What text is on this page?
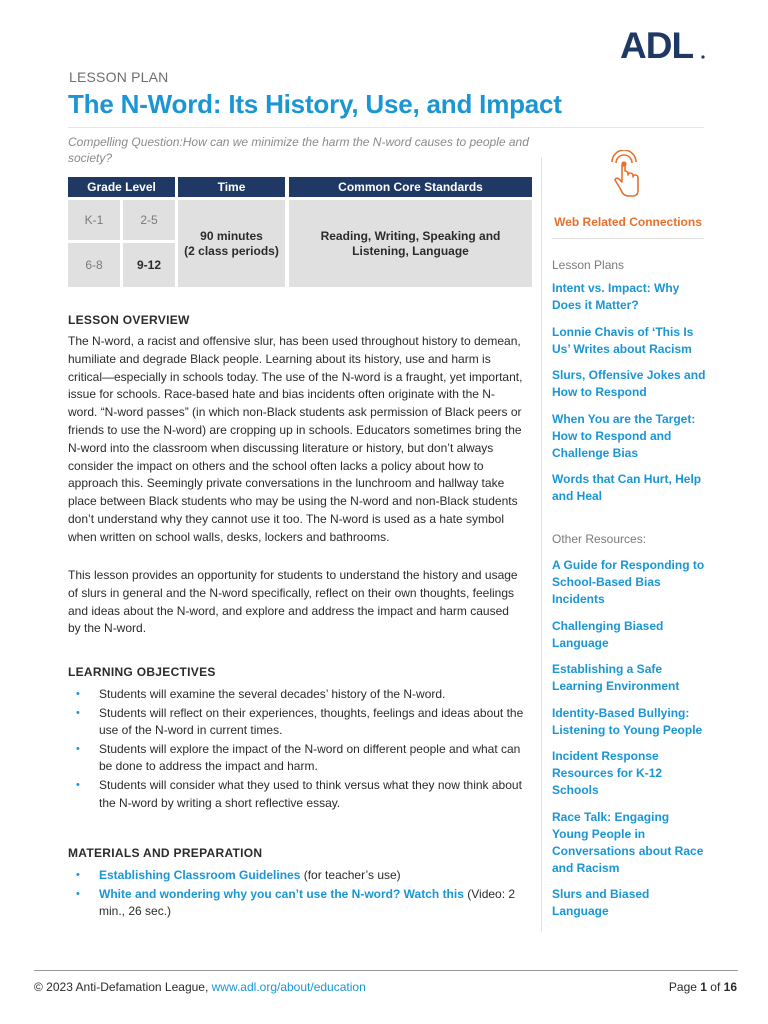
ADL
LESSON PLAN
The N-Word: Its History, Use, and Impact

Compelling Question:How can we minimize the harm the N-word causes to people and society?

Grade Level	Time	Common Core Standards
K-1	2-5
6-8	9-12
90 minutes
(2 class periods)
Reading, Writing, Speaking and Listening, Language
LESSON OVERVIEW

The N-word, a racist and offensive slur, has been used throughout history to demean, humiliate and degrade Black people. Learning about its history, use and harm is critical—especially in schools today. The use of the N-word is a fraught, yet important, issue for schools. Race-based hate and bias incidents often originate with the N-word. “N-word passes” (in which non-Black students ask permission of Black peers or friends to use the N-word) are cropping up in schools. Educators sometimes bring the N-word into the classroom when discussing literature or history, but don’t always consider the impact on others and the school often lacks a policy about how to approach this. Seemingly private conversations in the lunchroom and hallway take place between Black students who may be using the N-word and non-Black students don’t understand why they cannot use it too. The N-word is used as a hate symbol when written on school walls, desks, lockers and bathrooms.

This lesson provides an opportunity for students to understand the history and usage of slurs in general and the N-word specifically, reflect on their own thoughts, feelings and ideas about the N-word, and explore and address the impact and harm caused by the N-word.

LEARNING OBJECTIVES
• Students will examine the several decades’ history of the N-word.
• Students will reflect on their experiences, thoughts, feelings and ideas about the use of the N-word in current times.
• Students will explore the impact of the N-word on different people and what can be done to address the impact and harm.
• Students will consider what they used to think versus what they now think about the N-word by writing a short reflective essay.
MATERIALS AND PREPARATION
• Establishing Classroom Guidelines (for teacher’s use)
• White and wondering why you can’t use the N-word? Watch this (Video: 2 min., 26 sec.)
Web Related Connections
Lesson Plans
Intent vs. Impact: Why Does it Matter?
Lonnie Chavis of ‘This Is Us’ Writes about Racism
Slurs, Offensive Jokes and How to Respond
When You are the Target: How to Respond and Challenge Bias
Words that Can Hurt, Help and Heal
Other Resources:
A Guide for Responding to School-Based Bias Incidents
Challenging Biased Language
Establishing a Safe Learning Environment
Identity-Based Bullying: Listening to Young People
Incident Response Resources for K-12 Schools
Race Talk: Engaging Young People in Conversations about Race and Racism
Slurs and Biased Language
© 2023 Anti-Defamation League, www.adl.org/about/education	Page 1 of 16
